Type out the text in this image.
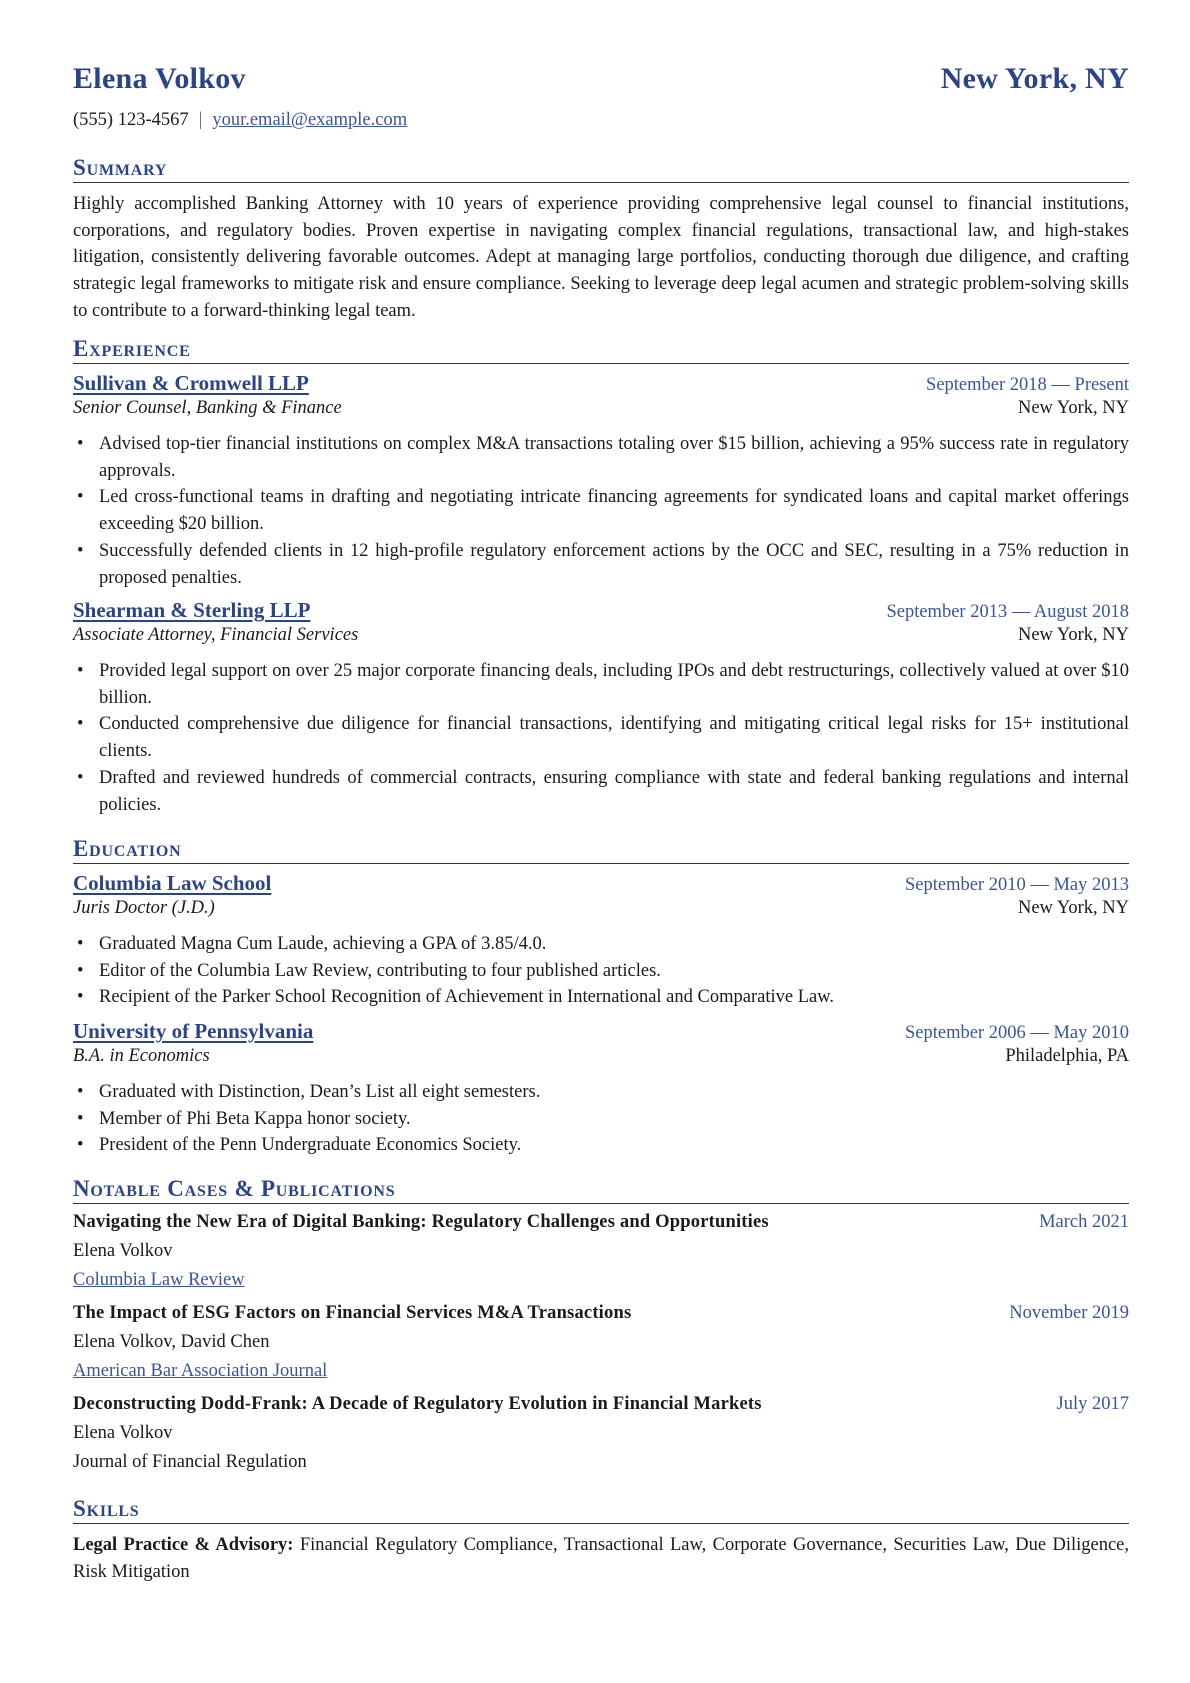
Elena Volkov	New York, NY
(555) 123-4567 | your.email@example.com
Summary
Highly accomplished Banking Attorney with 10 years of experience providing comprehensive legal counsel to financial institutions, corporations, and regulatory bodies. Proven expertise in navigating complex financial regulations, transactional law, and high-stakes litigation, consistently delivering favorable outcomes. Adept at managing large portfolios, conducting thorough due diligence, and crafting strategic legal frameworks to mitigate risk and ensure compliance. Seeking to leverage deep legal acumen and strategic problem-solving skills to contribute to a forward-thinking legal team.
Experience
Sullivan & Cromwell LLP	September 2018 — Present
Senior Counsel, Banking & Finance	New York, NY
• Advised top-tier financial institutions on complex M&A transactions totaling over $15 billion, achieving a 95% success rate in regulatory approvals.
• Led cross-functional teams in drafting and negotiating intricate financing agreements for syndicated loans and capital market offerings exceeding $20 billion.
• Successfully defended clients in 12 high-profile regulatory enforcement actions by the OCC and SEC, resulting in a 75% reduction in proposed penalties.
Shearman & Sterling LLP	September 2013 — August 2018
Associate Attorney, Financial Services	New York, NY
• Provided legal support on over 25 major corporate financing deals, including IPOs and debt restructurings, collectively valued at over $10 billion.
• Conducted comprehensive due diligence for financial transactions, identifying and mitigating critical legal risks for 15+ institutional clients.
• Drafted and reviewed hundreds of commercial contracts, ensuring compliance with state and federal banking regulations and internal policies.
Education
Columbia Law School	September 2010 — May 2013
Juris Doctor (J.D.)	New York, NY
• Graduated Magna Cum Laude, achieving a GPA of 3.85/4.0.
• Editor of the Columbia Law Review, contributing to four published articles.
• Recipient of the Parker School Recognition of Achievement in International and Comparative Law.
University of Pennsylvania	September 2006 — May 2010
B.A. in Economics	Philadelphia, PA
• Graduated with Distinction, Dean’s List all eight semesters.
• Member of Phi Beta Kappa honor society.
• President of the Penn Undergraduate Economics Society.
Notable Cases & Publications
Navigating the New Era of Digital Banking: Regulatory Challenges and Opportunities	March 2021
Elena Volkov
Columbia Law Review
The Impact of ESG Factors on Financial Services M&A Transactions	November 2019
Elena Volkov, David Chen
American Bar Association Journal
Deconstructing Dodd-Frank: A Decade of Regulatory Evolution in Financial Markets	July 2017
Elena Volkov
Journal of Financial Regulation
Skills
Legal Practice & Advisory: Financial Regulatory Compliance, Transactional Law, Corporate Governance, Securities Law, Due Diligence, Risk Mitigation
